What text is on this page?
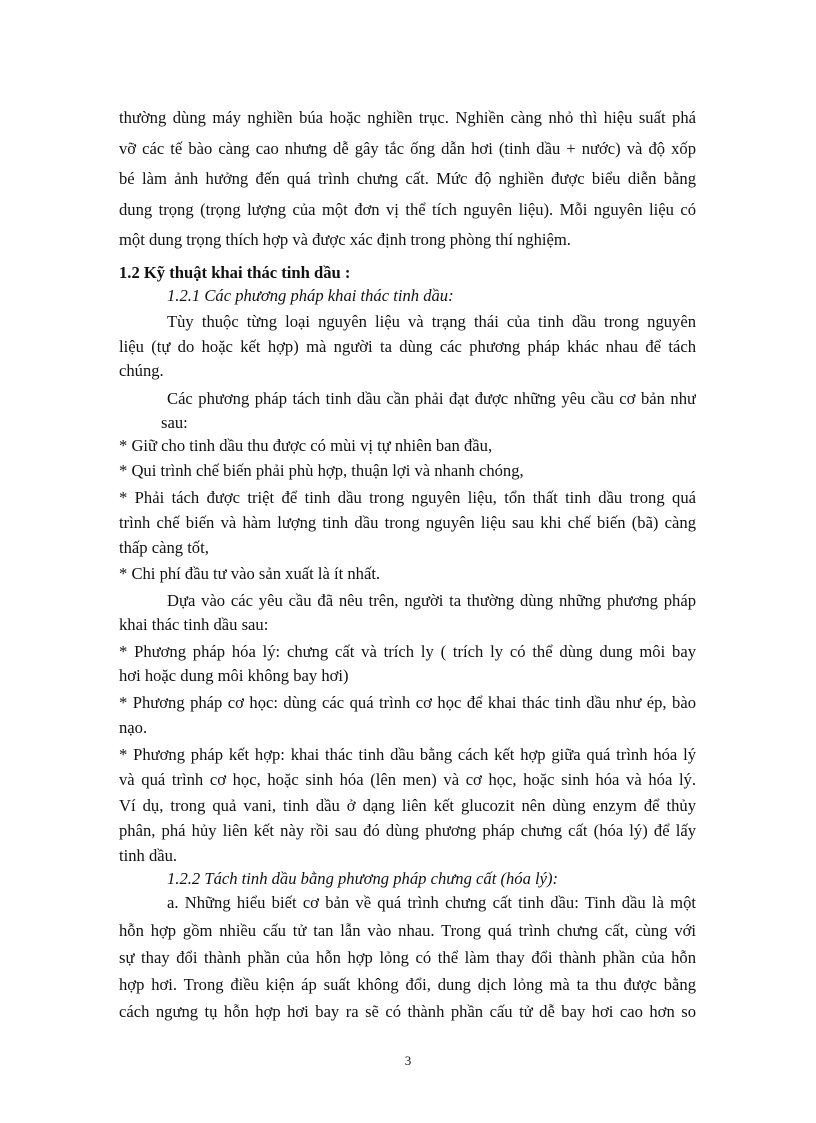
thường dùng máy nghiền búa hoặc nghiền trục. Nghiền càng nhỏ thì hiệu suất phá

vỡ các tế bào càng cao nhưng dễ gây tắc ống dẫn hơi (tinh dầu + nước) và độ xốp

bé làm ảnh hưởng đến quá trình chưng cất. Mức độ nghiền được biểu diễn bằng

dung trọng (trọng lượng của một đơn vị thể tích nguyên liệu). Mỗi nguyên liệu có

một dung trọng thích hợp và được xác định trong phòng thí nghiệm.

1.2 Kỹ thuật khai thác tinh dầu :

1.2.1 Các phương pháp khai thác tinh dầu:

Tùy thuộc từng loại nguyên liệu và trạng thái của tinh dầu trong nguyên

liệu (tự do hoặc kết hợp) mà người ta dùng các phương pháp khác nhau để tách

chúng.

Các phương pháp tách tinh dầu cần phải đạt được những yêu cầu cơ bản như

sau:

* Giữ cho tinh dầu thu được có mùi vị tự nhiên ban đầu,

* Qui trình chế biến phải phù hợp, thuận lợi và nhanh chóng,

* Phải tách được triệt để tinh dầu trong nguyên liệu, tổn thất tinh dầu trong quá

trình chế biến và hàm lượng tinh dầu trong nguyên liệu sau khi chế biến (bã) càng

thấp càng tốt,

* Chi phí đầu tư vào sản xuất là ít nhất.

Dựa vào các yêu cầu đã nêu trên, người ta thường dùng những phương pháp

khai thác tinh dầu sau:

* Phương pháp hóa lý: chưng cất và trích ly ( trích ly có thể dùng dung môi bay

hơi hoặc dung môi không bay hơi)

* Phương pháp cơ học: dùng các quá trình cơ học để khai thác tinh dầu như ép, bào

nạo.

* Phương pháp kết hợp: khai thác tinh dầu bằng cách kết hợp giữa quá trình hóa lý

và quá trình cơ học, hoặc sinh hóa (lên men) và cơ học, hoặc sinh hóa và hóa lý.

Ví dụ, trong quả vani, tinh dầu ở dạng liên kết glucozit nên dùng enzym để thủy

phân, phá hủy liên kết này rồi sau đó dùng phương pháp chưng cất (hóa lý) để lấy

tinh dầu.

1.2.2 Tách tinh dầu bằng phương pháp chưng cất (hóa lý):

a. Những hiểu biết cơ bản về quá trình chưng cất tinh dầu: Tinh dầu là một

hỗn hợp gồm nhiều cấu tử tan lẫn vào nhau. Trong quá trình chưng cất, cùng với

sự thay đổi thành phần của hỗn hợp lỏng có thể làm thay đổi thành phần của hỗn

hợp hơi. Trong điều kiện áp suất không đổi, dung dịch lỏng mà ta thu được bằng

cách ngưng tụ hỗn hợp hơi bay ra sẽ có thành phần cấu tử dễ bay hơi cao hơn so

3
